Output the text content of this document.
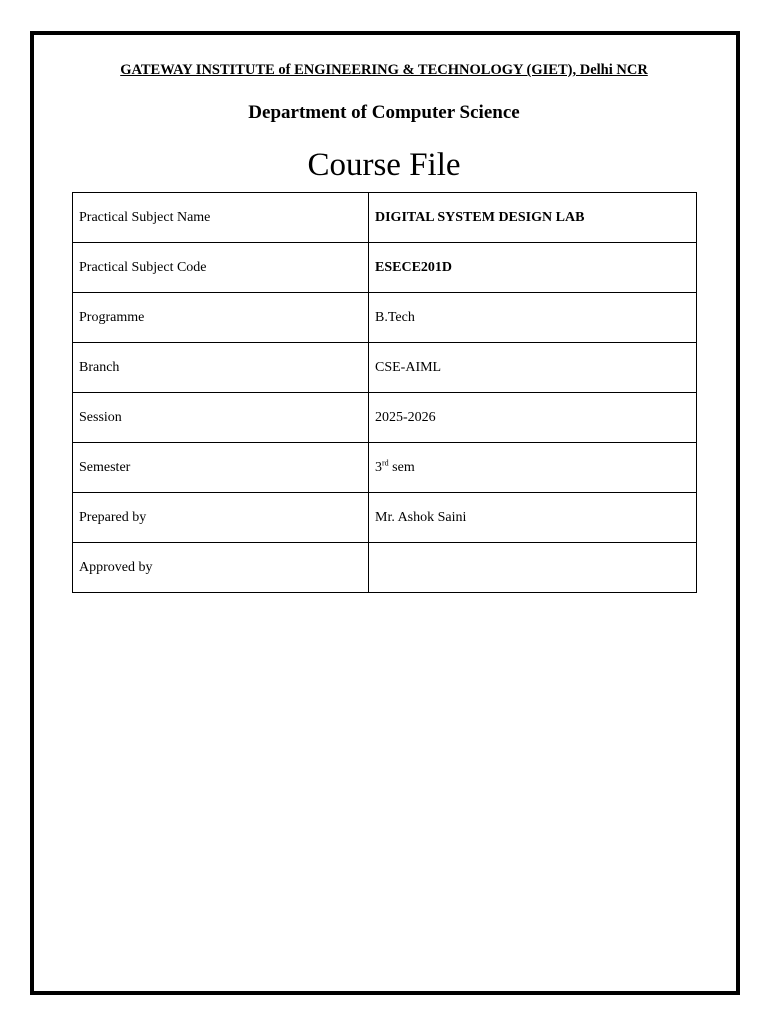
GATEWAY INSTITUTE of ENGINEERING & TECHNOLOGY (GIET), Delhi NCR
Department of Computer Science
Course File
Practical Subject Name	DIGITAL SYSTEM DESIGN LAB
Practical Subject Code	ESECE201D
Programme	B.Tech
Branch	CSE-AIML
Session	2025-2026
Semester	3rd sem
Prepared by	Mr. Ashok Saini
Approved by	
